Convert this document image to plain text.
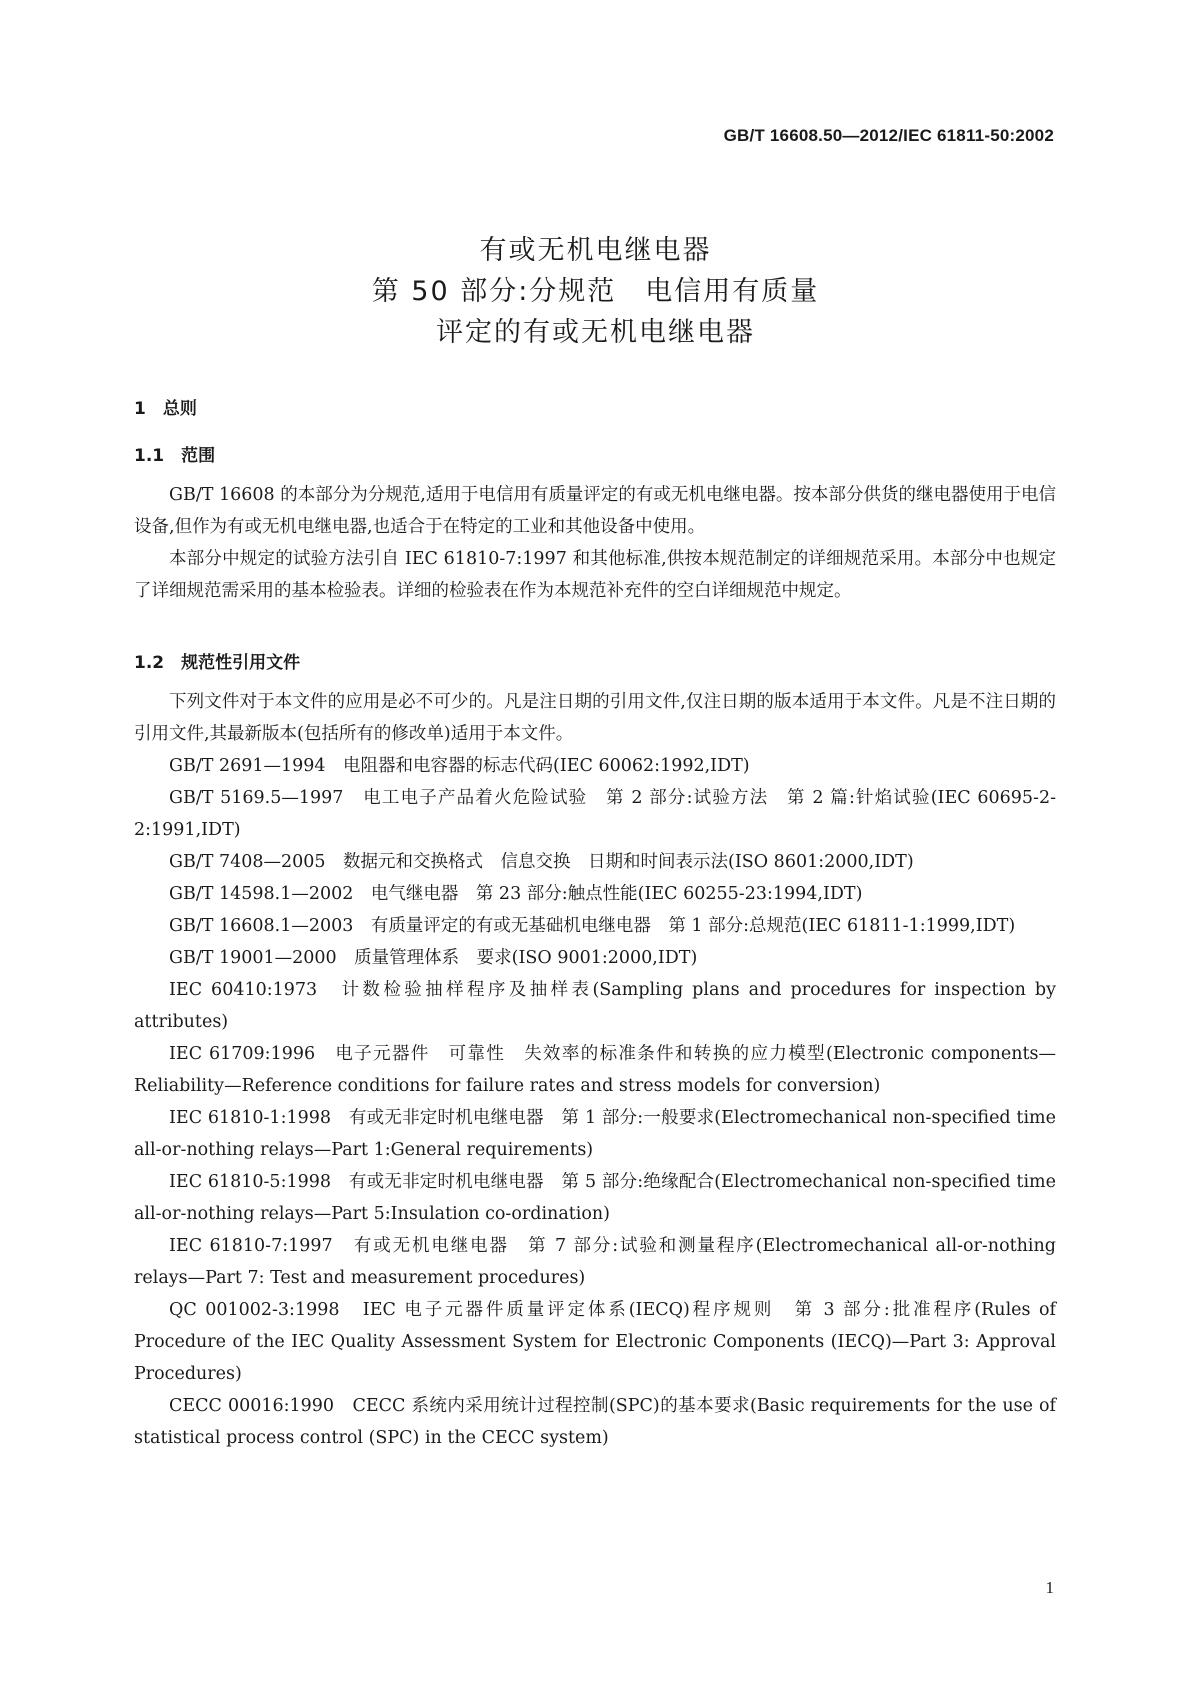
GB/T 16608.50—2012/IEC 61811-50:2002
有或无机电继电器
第 50 部分:分规范　电信用有质量
评定的有或无机电继电器
1　总则
1.1　范围

GB/T 16608 的本部分为分规范,适用于电信用有质量评定的有或无机电继电器。按本部分供货的继电器使用于电信设备,但作为有或无机电继电器,也适合于在特定的工业和其他设备中使用。

本部分中规定的试验方法引自 IEC 61810-7:1997 和其他标准,供按本规范制定的详细规范采用。本部分中也规定了详细规范需采用的基本检验表。详细的检验表在作为本规范补充件的空白详细规范中规定。

1.2　规范性引用文件

下列文件对于本文件的应用是必不可少的。凡是注日期的引用文件,仅注日期的版本适用于本文件。凡是不注日期的引用文件,其最新版本(包括所有的修改单)适用于本文件。

GB/T 2691—1994　电阻器和电容器的标志代码(IEC 60062:1992,IDT)

GB/T 5169.5—1997　电工电子产品着火危险试验　第 2 部分:试验方法　第 2 篇:针焰试验(IEC 60695-2-2:1991,IDT)

GB/T 7408—2005　数据元和交换格式　信息交换　日期和时间表示法(ISO 8601:2000,IDT)

GB/T 14598.1—2002　电气继电器　第 23 部分:触点性能(IEC 60255-23:1994,IDT)

GB/T 16608.1—2003　有质量评定的有或无基础机电继电器　第 1 部分:总规范(IEC 61811-1:1999,IDT)

GB/T 19001—2000　质量管理体系　要求(ISO 9001:2000,IDT)

IEC 60410:1973　计数检验抽样程序及抽样表(Sampling plans and procedures for inspection by attributes)

IEC 61709:1996　电子元器件　可靠性　失效率的标准条件和转换的应力模型(Electronic components—Reliability—Reference conditions for failure rates and stress models for conversion)

IEC 61810-1:1998　有或无非定时机电继电器　第 1 部分:一般要求(Electromechanical non-specified time all-or-nothing relays—Part 1:General requirements)

IEC 61810-5:1998　有或无非定时机电继电器　第 5 部分:绝缘配合(Electromechanical non-specified time all-or-nothing relays—Part 5:Insulation co-ordination)

IEC 61810-7:1997　有或无机电继电器　第 7 部分:试验和测量程序(Electromechanical all-or-nothing relays—Part 7: Test and measurement procedures)

QC 001002-3:1998　IEC 电子元器件质量评定体系(IECQ)程序规则　第 3 部分:批准程序(Rules of Procedure of the IEC Quality Assessment System for Electronic Components (IECQ)—Part 3: Approval Procedures)

CECC 00016:1990　CECC 系统内采用统计过程控制(SPC)的基本要求(Basic requirements for the use of statistical process control (SPC) in the CECC system)

1
